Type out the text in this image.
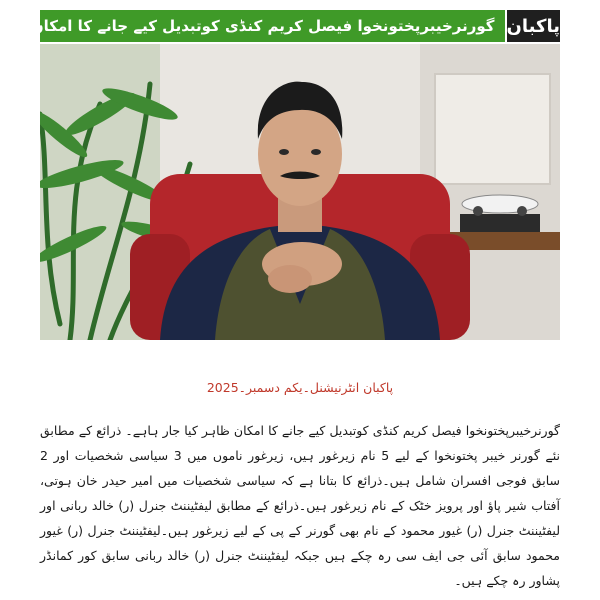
گورنرخیبرپختونخوا فیصل کریم کنڈی کوتبدیل کیے جانے کا امکان پاکبان
پاکبان انٹرنیشنل۔یکم دسمبر۔2025
گورنرخیبرپختونخوا فیصل کریم کنڈی کوتبدیل کیے جانے کا امکان ظاہر کیا جار ہاہے۔ ذرائع کے مطابق نئے گورنر خیبر پختونخوا کے لیے 5 نام زیرغور ہیں، زیرغور ناموں میں 3 سیاسی شخصیات اور 2 سابق فوجی افسران شامل ہیں۔ذرائع کا بتانا ہے کہ سیاسی شخصیات میں امیر حیدر خان ہوتی، آفتاب شیر پاؤ اور پرویز خٹک کے نام زیرغور ہیں۔ذرائع کے مطابق لیفٹیننٹ جنرل (ر) خالد ربانی اور لیفٹیننٹ جنرل (ر) غیور محمود کے نام بھی گورنر کے پی کے لیے زیرغور ہیں۔لیفٹیننٹ جنرل (ر) غیور محمود سابق آئی جی ایف سی رہ چکے ہیں جبکہ لیفٹیننٹ جنرل (ر) خالد ربانی سابق کور کمانڈر پشاور رہ چکے ہیں۔
